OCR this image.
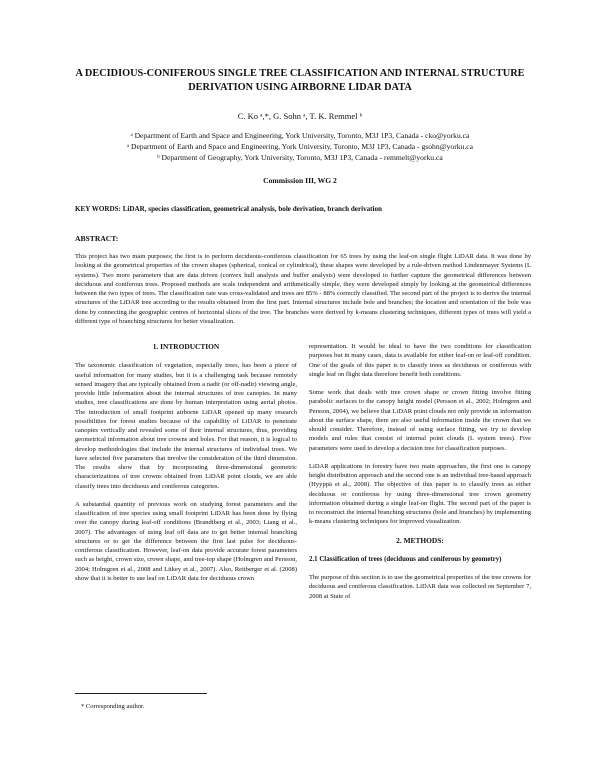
A DECIDIOUS-CONIFEROUS SINGLE TREE CLASSIFICATION AND INTERNAL STRUCTURE DERIVATION USING AIRBORNE LIDAR DATA
C. Ko ᵃ,*, G. Sohn ᵃ, T. K. Remmel ᵇ
ᵃ Department of Earth and Space and Engineering, York University, Toronto, M3J 1P3, Canada - cko@yorku.ca
ᵃ Department of Earth and Space and Engineering, York University, Toronto, M3J 1P3, Canada - gsohn@yorku.ca
ᵇ Department of Geography, York University, Toronto, M3J 1P3, Canada - remmelt@yorku.ca
Commission III, WG 2
KEY WORDS: LiDAR, species classification, geometrical analysis, bole derivation, branch derivation
ABSTRACT:
This project has two main purposes; the first is to perform deciduous-coniferous classification for 65 trees by using the leaf-on single flight LiDAR data. It was done by looking at the geometrical properties of the crown shapes (spherical, conical or cylindrical), these shapes were developed by a rule-driven method Lindenmayer Systems (L systems). Two more parameters that are data driven (convex hull analysis and buffer analysis) were developed to further capture the geometrical differences between deciduous and coniferous trees. Proposed methods are scale independent and arithmetically simple, they were developed simply by looking at the geometrical differences between the two types of trees. The classification rate was cross-validated and trees are 85% - 88% correctly classified. The second part of the project is to derive the internal structures of the LiDAR tree according to the results obtained from the first part. Internal structures include bole and branches; the location and orientation of the bole was done by connecting the geographic centres of horizontal slices of the tree. The branches were derived by k-means clustering techniques, different types of trees will yield a different type of branching structures for better visualization.
1. INTRODUCTION

The taxonomic classification of vegetation, especially trees, has been a piece of useful information for many studies, but it is a challenging task because remotely sensed imagery that are typically obtained from a nadir (or off-nadir) viewing angle, provide little information about the internal structures of tree canopies. In many studies, tree classifications are done by human interpretation using aerial photos. The introduction of small footprint airborne LiDAR opened up many research possibilities for forest studies because of the capability of LiDAR to penetrate canopies vertically and revealed some of their internal structures, thus, providing geometrical information about tree crowns and boles. For that reason, it is logical to develop methodologies that include the internal structures of individual trees. We have selected five parameters that involve the consideration of the third dimension. The results show that by incorporating three-dimensional geometric characterizations of tree crowns obtained from LiDAR point clouds, we are able classify trees into deciduous and coniferous categories.

A substantial quantity of previous work on studying forest parameters and the classification of tree species using small footprint LiDAR has been done by flying over the canopy during leaf-off conditions (Brandtberg et al., 2003; Liang et al., 2007). The advantages of using leaf off data are to get better internal branching structures or to get the difference between the first last pulse for deciduous-coniferous classification. However, leaf-on data provide accurate forest parameters such as height, crown size, crown shape, and tree-top shape (Holmgren and Persson, 2004; Holmgren et al., 2008 and Litkey et al., 2007). Also, Reitberger et al. (2008) show that it is better to use leaf on LiDAR data for deciduous crown

representation. It would be ideal to have the two conditions for classification purposes but in many cases, data is available for either leaf-on or leaf-off condition. One of the goals of this paper is to classify trees as deciduous or coniferous with single leaf on flight data therefore benefit both conditions.

Some work that deals with tree crown shape or crown fitting involve fitting parabolic surfaces to the canopy height model (Persson et al., 2002; Holmgren and Persson, 2004), we believe that LiDAR point clouds not only provide us information about the surface shape, there are also useful information inside the crown that we should consider. Therefore, instead of using surface fitting, we try to develop models and rules that consist of internal point clouds (L system trees). Five parameters were used to develop a decision tree for classification purposes.

LiDAR applications in forestry have two main approaches, the first one is canopy height distribution approach and the second one is an individual tree-based approach (Hyyppä et al., 2008). The objective of this paper is to classify trees as either deciduous or coniferous by using three-dimensional tree crown geometry information obtained during a single leaf-on flight. The second part of the paper is to reconstruct the internal branching structures (bole and branches) by implementing k-means clustering techniques for improved visualization.

2. METHODS:
2.1 Classification of trees (deciduous and coniferous by geometry)

The purpose of this section is to use the geometrical properties of the tree crowns for deciduous and coniferous classification. LiDAR data was collected on September 7, 2008 at State of

* Corresponding author.
